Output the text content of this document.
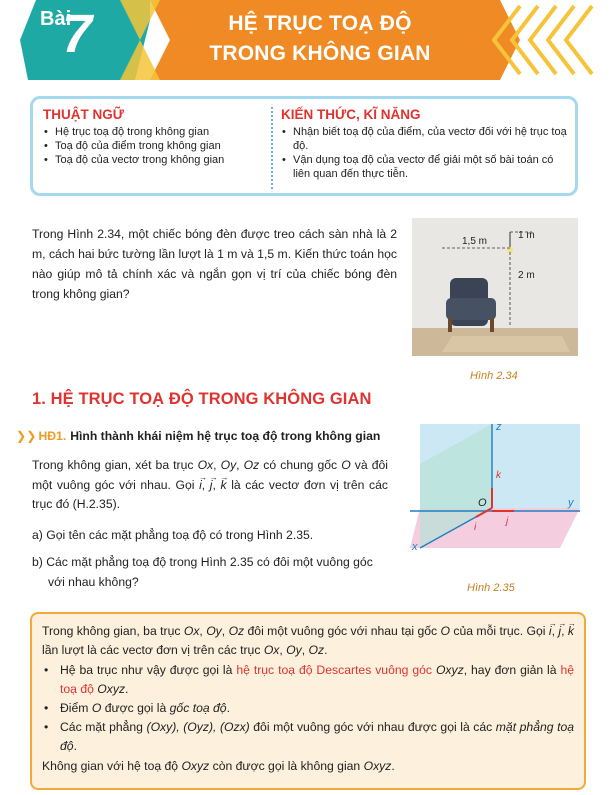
Bài
7	HỆ TRỤC TOẠ ĐỘ
TRONG KHÔNG GIAN
THUẬT NGỮ
• Hệ trục toạ độ trong không gian
• Toạ độ của điểm trong không gian
• Toạ độ của vectơ trong không gian
KIẾN THỨC, KĨ NĂNG
• Nhận biết toạ độ của điểm, của vectơ đối với hệ trục toạ độ.
• Vận dụng toạ độ của vectơ để giải một số bài toán có liên quan đến thực tiễn.
Trong Hình 2.34, một chiếc bóng đèn được treo cách sàn nhà là 2 m, cách hai bức tường lần lượt là 1 m và 1,5 m. Kiến thức toán học nào giúp mô tả chính xác và ngắn gọn vị trí của chiếc bóng đèn trong không gian?
1,5 m
1 m
2 m
Hình 2.34
1. HỆ TRỤC TOẠ ĐỘ TRONG KHÔNG GIAN
❯❯ HĐ1. Hình thành khái niệm hệ trục toạ độ trong không gian
Trong không gian, xét ba trục Ox, Oy, Oz có chung gốc O và đôi một vuông góc với nhau. Gọi → i, → j, → k là các vectơ đơn vị trên các trục đó (H.2.35).
a) Gọi tên các mặt phẳng toạ độ có trong Hình 2.35.
b) Các mặt phẳng toạ độ trong Hình 2.35 có đôi một vuông góc với nhau không?
z
y
x
O
k
j
i
Hình 2.35

Trong không gian, ba trục Ox, Oy, Oz đôi một vuông góc với nhau tại gốc O của mỗi trục. Gọi → i, → j, → k lần lượt là các vectơ đơn vị trên các trục Ox, Oy, Oz.

• Hệ ba trục như vậy được gọi là hệ trục toạ độ Descartes vuông góc Oxyz, hay đơn giản là hệ toạ độ Oxyz.
• Điểm O được gọi là gốc toạ độ.
• Các mặt phẳng (Oxy), (Oyz), (Ozx) đôi một vuông góc với nhau được gọi là các mặt phẳng toạ độ.

Không gian với hệ toạ độ Oxyz còn được gọi là không gian Oxyz.
